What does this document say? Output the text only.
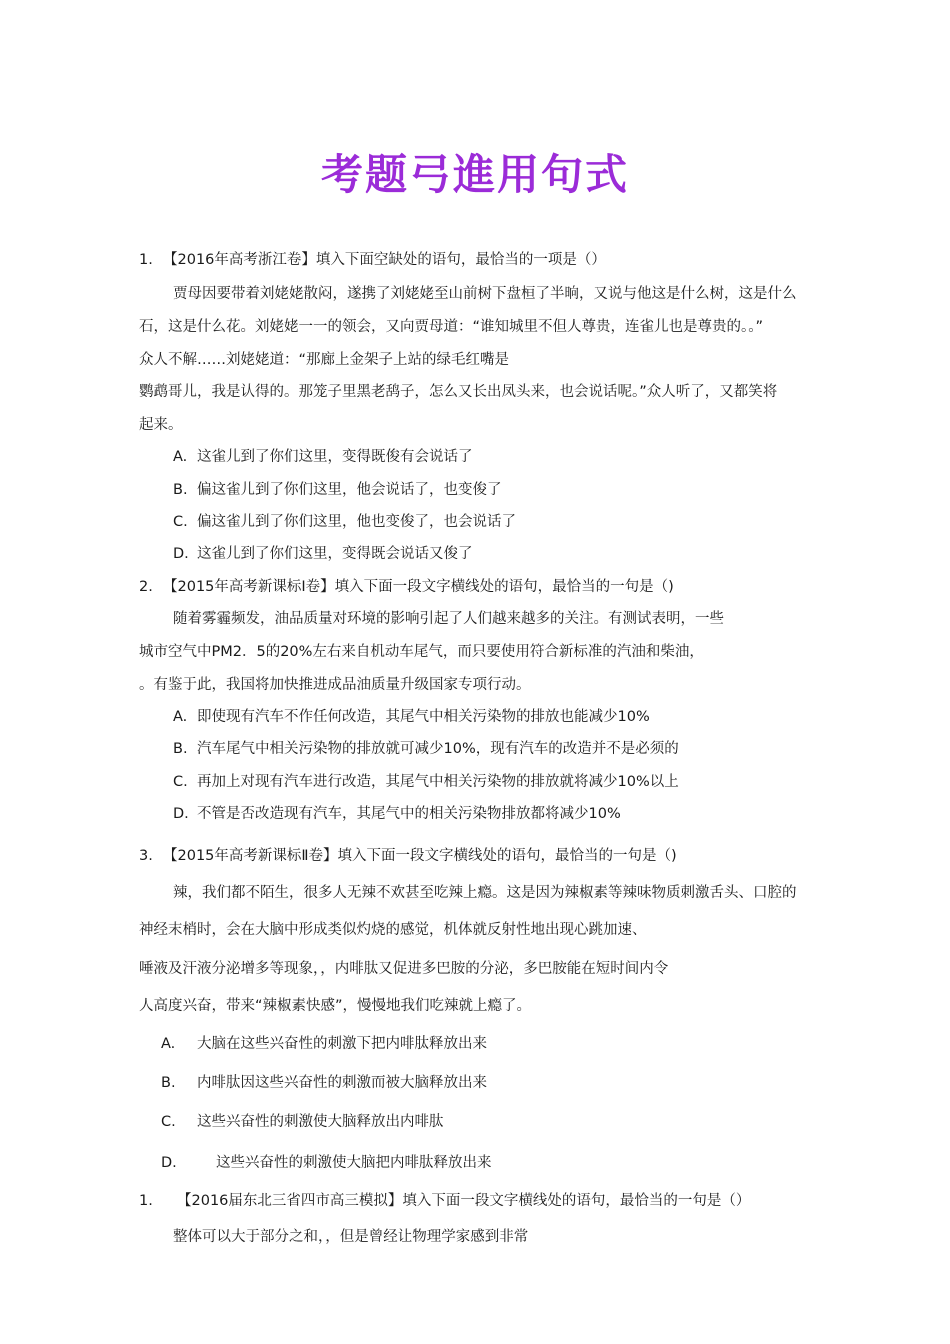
考题弓進用句式
1. 【2016年高考浙江卷】填入下面空缺处的语句，最恰当的一项是（）
贾母因要带着刘姥姥散闷，遂携了刘姥姥至山前树下盘桓了半晌，又说与他这是什么树，这是什么
石，这是什么花。刘姥姥一一的领会，又向贾母道：“谁知城里不但人尊贵，连雀儿也是尊贵的。。”
众人不解……刘姥姥道：“那廊上金架子上站的绿毛红嘴是
鹦鹉哥儿，我是认得的。那笼子里黑老鸹子，怎么又长出凤头来，也会说话呢。”众人听了，又都笑将
起来。
A. 这雀儿到了你们这里，变得既俊有会说话了
B. 偏这雀儿到了你们这里，他会说话了，也变俊了
C. 偏这雀儿到了你们这里，他也变俊了，也会说话了
D. 这雀儿到了你们这里，变得既会说话又俊了
2. 【2015年高考新课标Ⅰ卷】填入下面一段文字横线处的语句，最恰当的一句是（)
随着雾霾频发，油品质量对环境的影响引起了人们越来越多的关注。有测试表明，一些
城市空气中PM2．5的20%左右来自机动车尾气，而只要使用符合新标准的汽油和柴油，
。有鉴于此，我国将加快推进成品油质量升级国家专项行动。
A. 即使现有汽车不作任何改造，其尾气中相关污染物的排放也能减少10%
B. 汽车尾气中相关污染物的排放就可减少10%，现有汽车的改造并不是必须的
C. 再加上对现有汽车进行改造，其尾气中相关污染物的排放就将减少10%以上
D. 不管是否改造现有汽车，其尾气中的相关污染物排放都将减少10%
3. 【2015年高考新课标Ⅱ卷】填入下面一段文字横线处的语句，最恰当的一句是（)
辣，我们都不陌生，很多人无辣不欢甚至吃辣上瘾。这是因为辣椒素等辣味物质刺激舌头、口腔的
神经末梢时，会在大脑中形成类似灼烧的感觉，机体就反射性地出现心跳加速、
唾液及汗液分泌增多等现象，，内啡肽又促进多巴胺的分泌，多巴胺能在短时间内令
人高度兴奋，带来“辣椒素快感”，慢慢地我们吃辣就上瘾了。
A. 大脑在这些兴奋性的刺激下把内啡肽释放出来
B. 内啡肽因这些兴奋性的刺激而被大脑释放出来
C. 这些兴奋性的刺激使大脑释放出内啡肽
D.	这些兴奋性的刺激使大脑把内啡肽释放出来
1. 【2016届东北三省四市高三模拟】填入下面一段文字横线处的语句，最恰当的一句是（）
整体可以大于部分之和，，但是曾经让物理学家感到非常
